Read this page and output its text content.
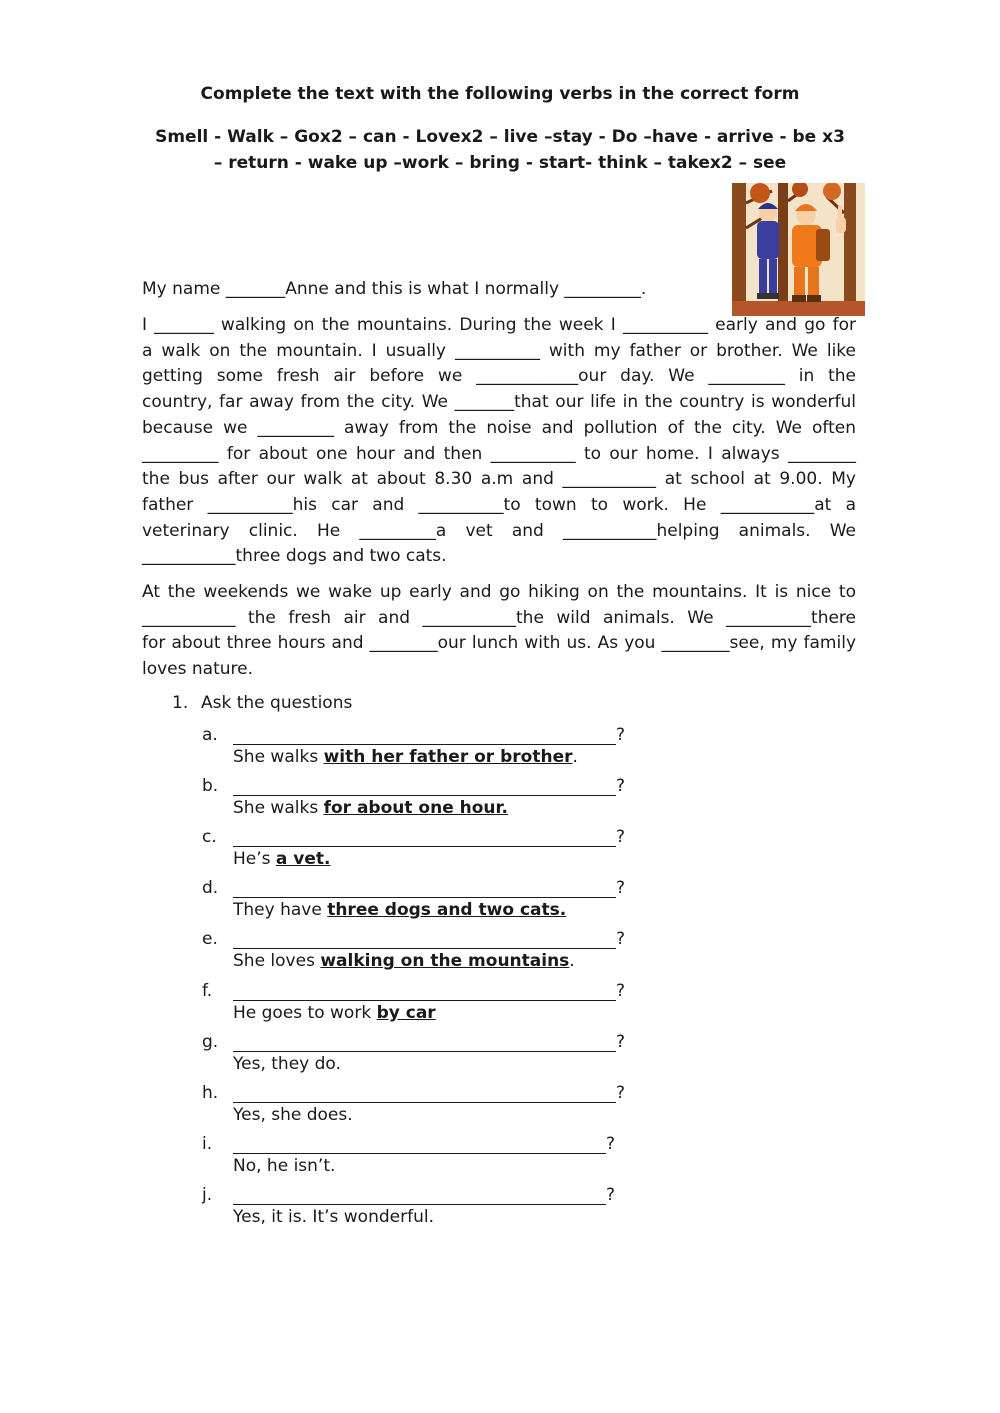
Complete the text with the following verbs in the correct form

Smell - Walk – Gox2 – can - Lovex2 – live –stay - Do –have - arrive - be x3
– return - wake up –work – bring - start- think – takex2 – see

My name _______Anne and this is what I normally _________.

I _______ walking on the mountains. During the week I __________ early and go for
a walk on the mountain. I usually __________ with my father or brother. We like
getting some fresh air before we ____________our day. We _________ in the
country, far away from the city. We _______that our life in the country is wonderful
because we _________ away from the noise and pollution of the city. We often
_________ for about one hour and then __________ to our home. I always ________
the bus after our walk at about 8.30 a.m and ___________ at school at 9.00. My
father __________his car and __________to town to work. He ___________at a
veterinary clinic. He _________a vet and ___________helping animals. We
___________three dogs and two cats.

At the weekends we wake up early and go hiking on the mountains. It is nice to
___________ the fresh air and ___________the wild animals. We __________there
for about three hours and ________our lunch with us. As you ________see, my family
loves nature.

1. Ask the questions

a.	?
She walks with her father or brother.
b.	?
She walks for about one hour.
c.	?
He’s a vet.
d.	?
They have three dogs and two cats.
e.	?
She loves walking on the mountains.
f.	?
He goes to work by car
g.	?
Yes, they do.
h.	?
Yes, she does.
i.	?
No, he isn’t.
j.	?
Yes, it is. It’s wonderful.
